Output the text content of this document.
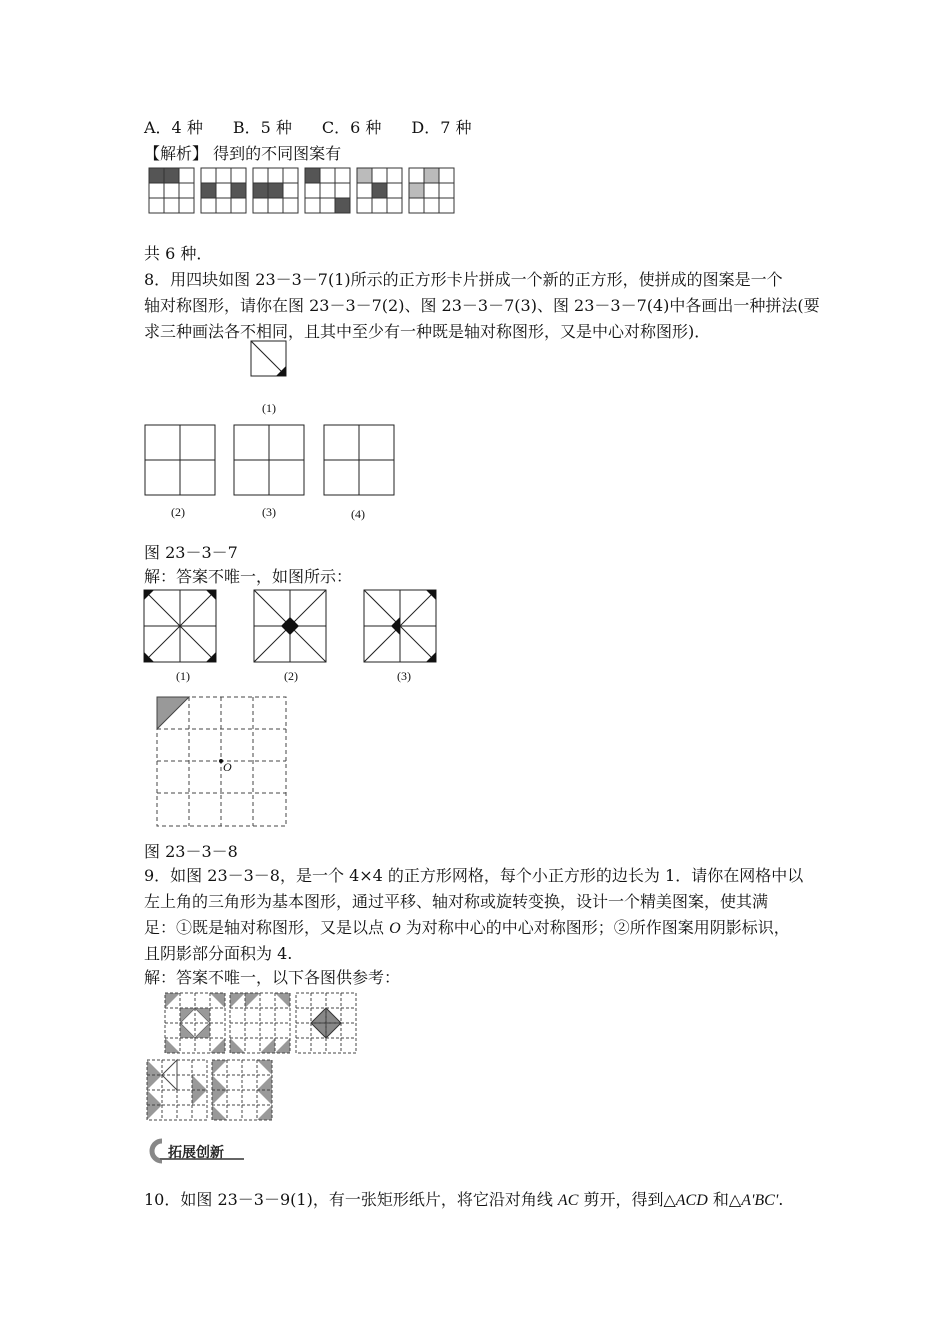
A．4 种 B．5 种 C．6 种 D．7 种
【解析】 得到的不同图案有
共 6 种．
8．用四块如图 23－3－7(1)所示的正方形卡片拼成一个新的正方形，使拼成的图案是一个
轴对称图形，请你在图 23－3－7(2)、图 23－3－7(3)、图 23－3－7(4)中各画出一种拼法(要
求三种画法各不相同，且其中至少有一种既是轴对称图形，又是中心对称图形)．
(1)
(2)	(3)	(4)
图 23－3－7
解：答案不唯一，如图所示：
(1)	(2)	(3)
O
图 23－3－8
9．如图 23－3－8，是一个 4×4 的正方形网格，每个小正方形的边长为 1．请你在网格中以
左上角的三角形为基本图形，通过平移、轴对称或旋转变换，设计一个精美图案，使其满
足：①既是轴对称图形，又是以点 O 为对称中心的中心对称图形；②所作图案用阴影标识，
且阴影部分面积为 4.
解：答案不唯一，以下各图供参考：
拓展创新
10．如图 23－3－9(1)，有一张矩形纸片，将它沿对角线 AC 剪开，得到△ACD 和△A'BC'.
